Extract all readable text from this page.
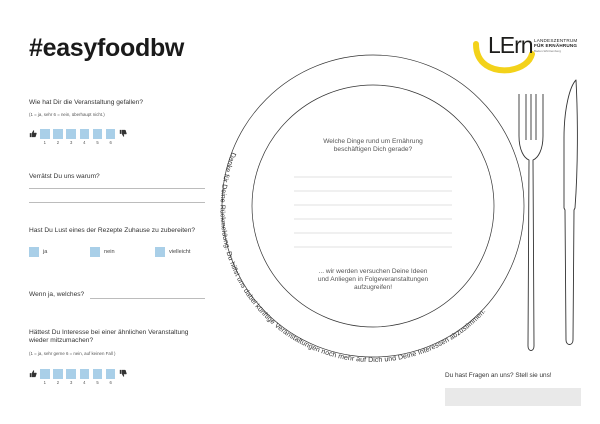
#easyfoodbw	LErn LANDESZENTRUM
FÜR ERNÄHRUNG
Baden-Württemberg
Wie hat Dir die Veranstaltung gefallen?
(1 = ja, sehr 6 = nein, überhaupt nicht.)
1	2	3	4	5	6
Verrätst Du uns warum?
Hast Du Lust eines der Rezepte Zuhause zu zubereiten?
ja	nein	vielleicht
Wenn ja, welches?
Hättest Du Interesse bei einer ähnlichen Veranstaltung
wieder mitzumachen?
(1 = ja, sehr gerne 6 = nein, auf keinen Fall )
1	2	3	4	5	6
Danke für Deine Rückmeldung. Du hilfst uns dabei künftige Veranstaltungen noch mehr auf Dich und Deine Interessen abzustimmen.
Welche Dinge rund um Ernährung
beschäftigen Dich gerade?
... wir werden versuchen Deine Ideen
und Anliegen in Folgeveranstaltungen
aufzugreifen!
Du hast Fragen an uns? Stell sie uns!
